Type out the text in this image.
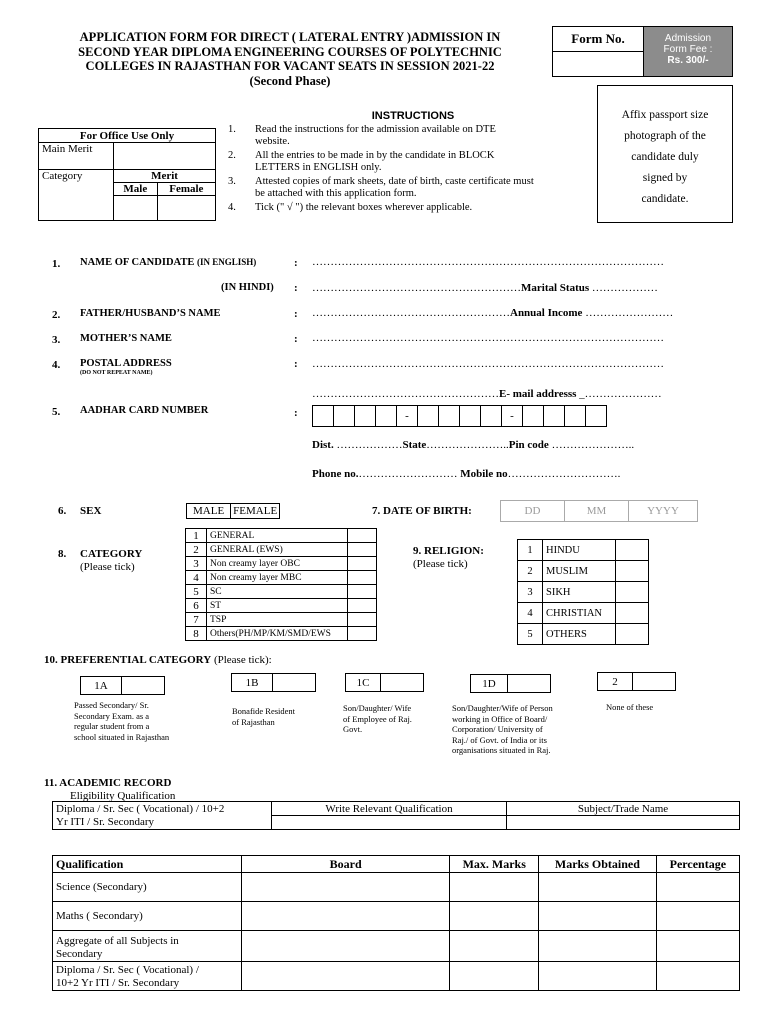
APPLICATION FORM FOR DIRECT ( LATERAL ENTRY )ADMISSION IN
SECOND YEAR DIPLOMA ENGINEERING COURSES OF POLYTECHNIC
COLLEGES IN RAJASTHAN FOR VACANT SEATS IN SESSION 2021-22
(Second Phase)
Form No.	Admission
Form Fee :
Rs. 300/-
For Office Use Only		
Main Merit		
Category	Merit	
	Male	Female

INSTRUCTIONS
1.	Read the instructions for the admission available on DTE
website.
2.	All the entries to be made in by the candidate in BLOCK
LETTERS in ENGLISH only.
3.	Attested copies of mark sheets, date of birth, caste certificate must
be attached with this application form.
4.	Tick (" √ ") the relevant boxes wherever applicable.
Affix passport size
photograph of the
candidate duly
signed by
candidate.
1. NAME OF CANDIDATE (IN ENGLISH)	: ……………………………………………………………………………………
(IN HINDI) : …………………………………………………Marital Status ………………
2. FATHER/HUSBAND’S NAME	: ………………………………………………Annual Income ……………………
3. MOTHER’S NAME	: ……………………………………………………………………………………
4. POSTAL ADDRESS
(DO NOT REPEAT NAME)
: ……………………………………………………………………………………
……………………………………………E- mail addresss _…………………
5. AADHAR CARD NUMBER	:
					-					-				
Dist. ………………State…………………..Pin code …………………..
Phone no.……………………… Mobile no………………………….
6. SEX	MALE	FEMALE	7. DATE OF BIRTH:	DD	MM	YYYY
8. CATEGORY
(Please tick)
1	GENERAL	
2	GENERAL (EWS)	
3	Non creamy layer OBC	
4	Non creamy layer MBC	
5	SC	
6	ST	
7	TSP	
8	Others(PH/MP/KM/SMD/EWS	
9. RELIGION:
(Please tick)
1	HINDU	
2	MUSLIM	
3	SIKH	
4	CHRISTIAN	
5	OTHERS	
10. PREFERENTIAL CATEGORY (Please tick):
1A	
Passed Secondary/ Sr.
Secondary Exam. as a
regular student from a
school situated in Rajasthan
1B	
Bonafide Resident
of Rajasthan
1C	
Son/Daughter/ Wife
of Employee of Raj.
Govt.
1D	
Son/Daughter/Wife of Person
working in Office of Board/
Corporation/ University of
Raj./ of Govt. of India or its
organisations situated in Raj.
2	
None of these
11. ACADEMIC RECORD
Eligibility Qualification
Diploma / Sr. Sec ( Vocational) / 10+2
Yr ITI / Sr. Secondary	Write Relevant Qualification	Subject/Trade Name

Qualification	Board	Max. Marks	Marks Obtained	Percentage

Science (Secondary)				

Maths ( Secondary)				

Aggregate of all Subjects in
Secondary				

Diploma / Sr. Sec ( Vocational) /
10+2 Yr ITI / Sr. Secondary				
